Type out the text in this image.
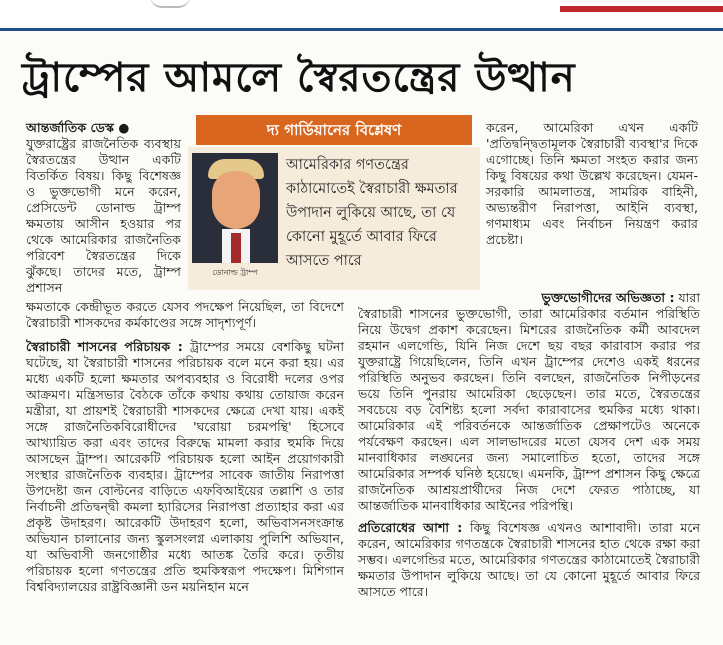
ট্রাম্পের আমলে স্বৈরতন্ত্রের উত্থান

আন্তর্জাতিক ডেস্ক ●
যুক্তরাষ্ট্রের রাজনৈতিক ব্যবস্থায় স্বৈরতন্ত্রের উত্থান একটি বিতর্কিত বিষয়। কিছু বিশেষজ্ঞ ও ভুক্তভোগী মনে করেন, প্রেসিডেন্ট ডোনাল্ড ট্রাম্প ক্ষমতায় আসীন হওয়ার পর থেকে আমেরিকার রাজনৈতিক পরিবেশ স্বৈরতন্ত্রের দিকে ঝুঁকছে। তাদের মতে, ট্রাম্প প্রশাসন

ক্ষমতাকে কেন্দ্রীভূত করতে যেসব পদক্ষেপ নিয়েছিল, তা বিদেশে স্বৈরাচারী শাসকদের কর্মকাণ্ডের সঙ্গে সাদৃশ্যপূর্ণ।

স্বৈরাচারী শাসনের পরিচায়ক : ট্রাম্পের সময়ে বেশকিছু ঘটনা ঘটেছে, যা স্বৈরাচারী শাসনের পরিচায়ক বলে মনে করা হয়। এর মধ্যে একটি হলো ক্ষমতার অপব্যবহার ও বিরোধী দলের ওপর আক্রমণ। মন্ত্রিসভার বৈঠকে তাঁকে কথায় কথায় তোয়াজ করেন মন্ত্রীরা, যা প্রায়শই স্বৈরাচারী শাসকদের ক্ষেত্রে দেখা যায়। একই সঙ্গে রাজনৈতিকবিরোধীদের 'ঘরোয়া চরমপন্থি' হিসেবে আখ্যায়িত করা এবং তাদের বিরুদ্ধে মামলা করার হুমকি দিয়ে আসছেন ট্রাম্প। আরেকটি পরিচায়ক হলো আইন প্রয়োগকারী সংস্থার রাজনৈতিক ব্যবহার। ট্রাম্পের সাবেক জাতীয় নিরাপত্তা উপদেষ্টা জন বোল্টনের বাড়িতে এফবিআইয়ের তল্লাশি ও তার নির্বাচনী প্রতিদ্বন্দ্বী কমলা হ্যারিসের নিরাপত্তা প্রত্যাহার করা এর প্রকৃষ্ট উদাহরণ। আরেকটি উদাহরণ হলো, অভিবাসনসংক্রান্ত অভিযান চালানোর জন্য স্কুলসংলগ্ন এলাকায় পুলিশি অভিযান, যা অভিবাসী জনগোষ্ঠীর মধ্যে আতঙ্ক তৈরি করে। তৃতীয় পরিচায়ক হলো গণতন্ত্রের প্রতি হুমকিস্বরূপ পদক্ষেপ। মিশিগান বিশ্ববিদ্যালয়ের রাষ্ট্রবিজ্ঞানী ডন ময়নিহান মনে

দ্য গার্ডিয়ানের বিশ্লেষণ
ডোনাল্ড ট্রাম্প
আমেরিকার গণতন্ত্রের কাঠামোতেই স্বৈরাচারী ক্ষমতার উপাদান লুকিয়ে আছে, তা যে কোনো মুহূর্তে আবার ফিরে আসতে পারে

করেন, আমেরিকা এখন একটি 'প্রতিদ্বন্দ্বিতামূলক স্বৈরাচারী ব্যবস্থা'র দিকে এগোচ্ছে। তিনি ক্ষমতা সংহত করার জন্য কিছু বিষয়ের কথা উল্লেখ করেছেন। যেমন- সরকারি আমলাতন্ত্র, সামরিক বাহিনী, অভ্যন্তরীণ নিরাপত্তা, আইনি ব্যবস্থা, গণমাধ্যম এবং নির্বাচন নিয়ন্ত্রণ করার প্রচেষ্টা।

ভুক্তভোগীদের অভিজ্ঞতা : যারা

স্বৈরাচারী শাসনের ভুক্তভোগী, তারা আমেরিকার বর্তমান পরিস্থিতি নিয়ে উদ্বেগ প্রকাশ করেছেন। মিশরের রাজনৈতিক কর্মী আবদেল রহমান এলগেন্ডি, যিনি নিজ দেশে ছয় বছর কারাবাস করার পর যুক্তরাষ্ট্রে গিয়েছিলেন, তিনি এখন ট্রাম্পের দেশেও একই ধরনের পরিস্থিতি অনুভব করছেন। তিনি বলছেন, রাজনৈতিক নিপীড়নের ভয়ে তিনি পুনরায় আমেরিকা ছেড়েছেন। তার মতে, স্বৈরতন্ত্রের সবচেয়ে বড় বৈশিষ্ট্য হলো সর্বদা কারাবাসের হুমকির মধ্যে থাকা। আমেরিকার এই পরিবর্তনকে আন্তর্জাতিক প্রেক্ষাপটেও অনেকে পর্যবেক্ষণ করছেন। এল সালভাদরের মতো যেসব দেশ এক সময় মানবাধিকার লঙ্ঘনের জন্য সমালোচিত হতো, তাদের সঙ্গে আমেরিকার সম্পর্ক ঘনিষ্ঠ হয়েছে। এমনকি, ট্রাম্প প্রশাসন কিছু ক্ষেত্রে রাজনৈতিক আশ্রয়প্রার্থীদের নিজ দেশে ফেরত পাঠাচ্ছে, যা আন্তর্জাতিক মানবাধিকার আইনের পরিপন্থি।

প্রতিরোধের আশা : কিছু বিশেষজ্ঞ এখনও আশাবাদী। তারা মনে করেন, আমেরিকার গণতন্ত্রকে স্বৈরাচারী শাসনের হাত থেকে রক্ষা করা সম্ভব। এলগেন্ডির মতে, আমেরিকার গণতন্ত্রের কাঠামোতেই স্বৈরাচারী ক্ষমতার উপাদান লুকিয়ে আছে। তা যে কোনো মুহূর্তে আবার ফিরে আসতে পারে।
